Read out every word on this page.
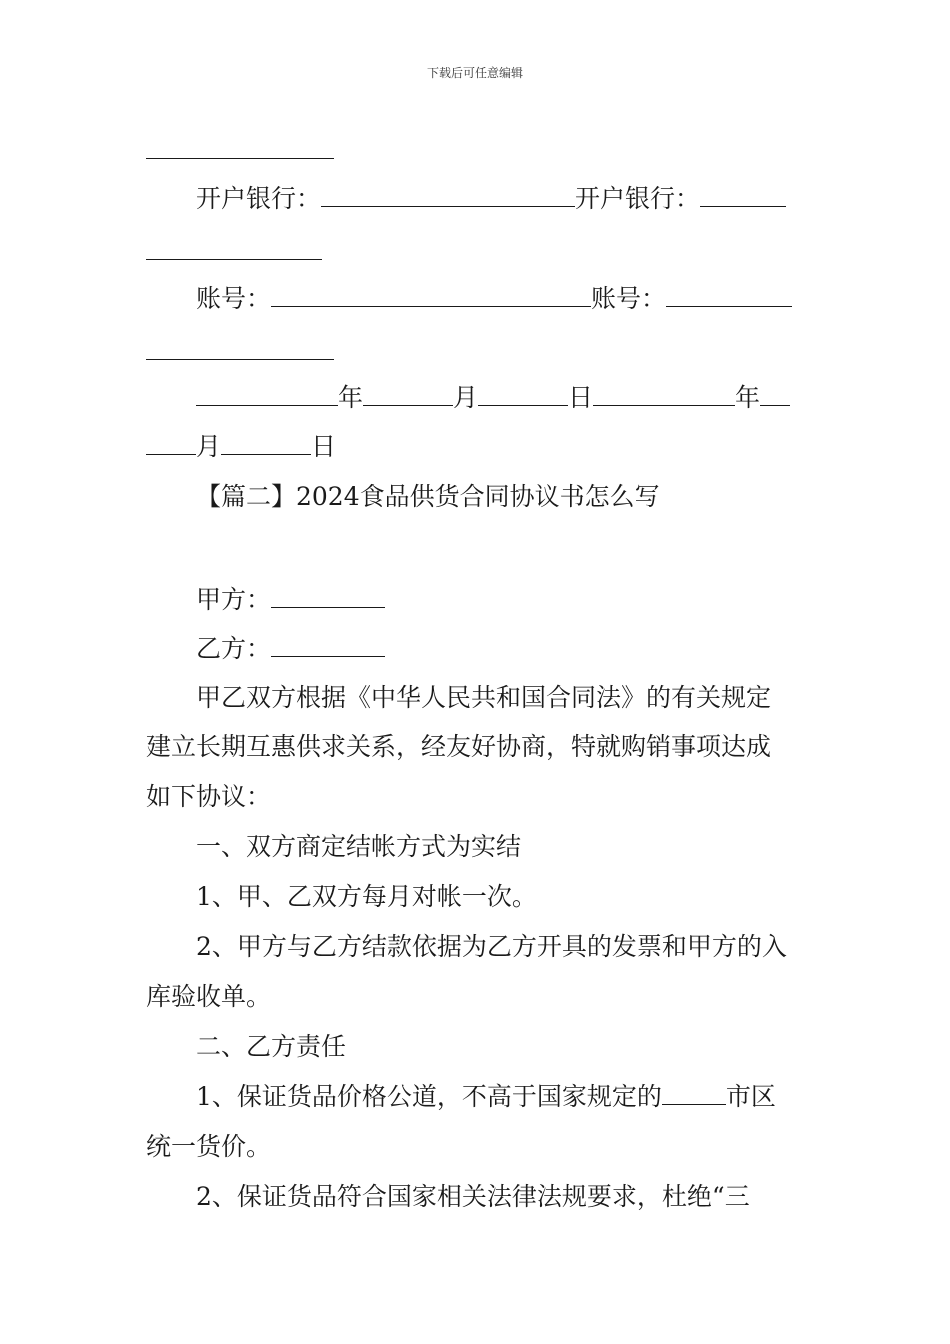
下载后可任意编辑
开户银行：	开户银行：
账号：	账号：
年	月	日	年
月	日
【篇二】2024食品供货合同协议书怎么写
甲方：
乙方：
甲乙双方根据《中华人民共和国合同法》的有关规定
建立长期互惠供求关系，经友好协商，特就购销事项达成
如下协议：
一、双方商定结帐方式为实结
1、甲、乙双方每月对帐一次。
2、甲方与乙方结款依据为乙方开具的发票和甲方的入
库验收单。
二、乙方责任
1、保证货品价格公道，不高于国家规定的	市区
统一货价。
2、保证货品符合国家相关法律法规要求，杜绝“三
